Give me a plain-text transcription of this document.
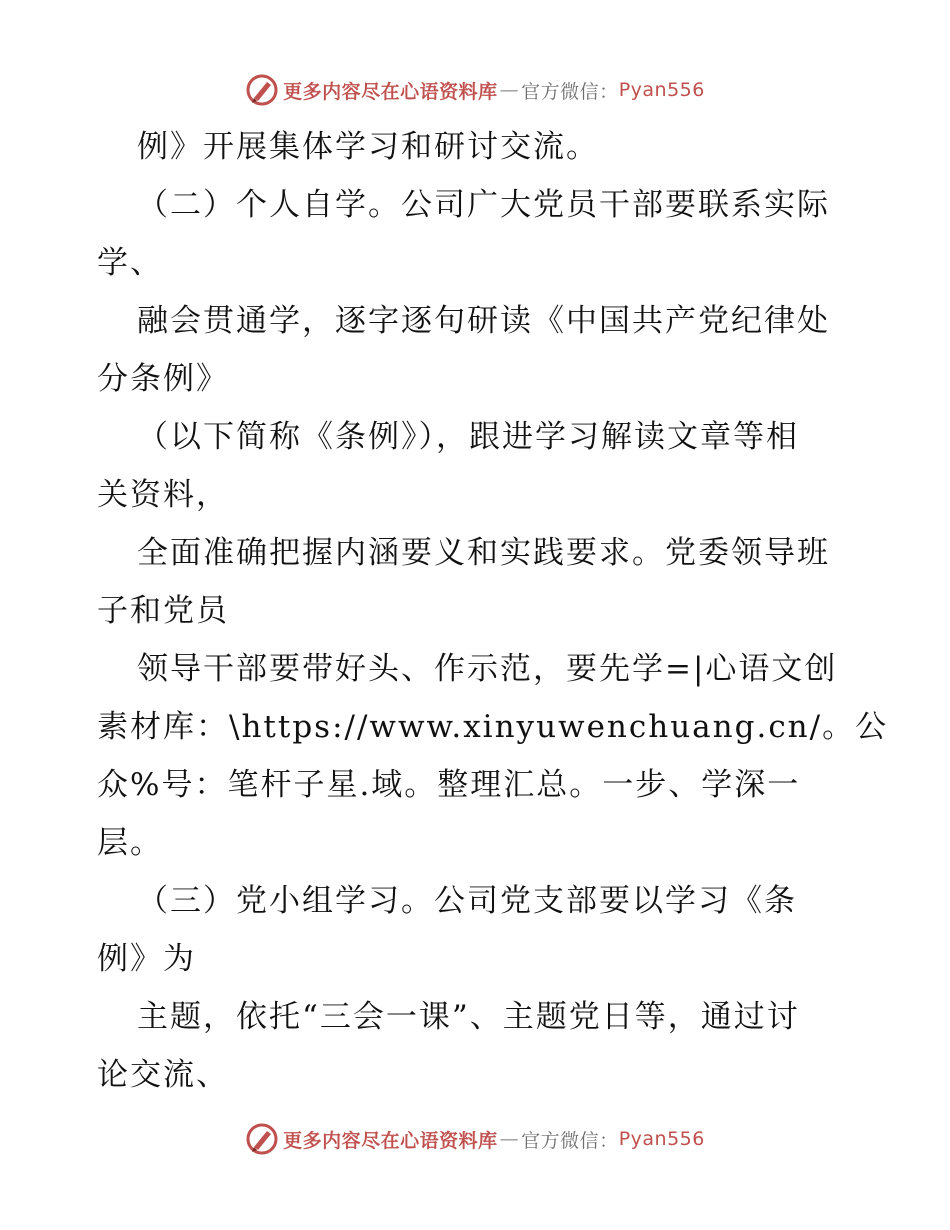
更多内容尽在心语资料库 — 官方微信： Pyan556
例》开展集体学习和研讨交流。
（二）个人自学。公司广大党员干部要联系实际
学、
融会贯通学，逐字逐句研读《中国共产党纪律处
分条例》
（以下简称《条例》），跟进学习解读文章等相
关资料，
全面准确把握内涵要义和实践要求。党委领导班
子和党员
领导干部要带好头、作示范，要先学=|心语文创
素材库：\https://www.xinyuwenchuang.cn/。公
众%号：笔杆子星.域。整理汇总。一步、学深一
层。
（三）党小组学习。公司党支部要以学习《条
例》为
主题，依托“三会一课”、主题党日等，通过讨
论交流、
更多内容尽在心语资料库 — 官方微信： Pyan556
